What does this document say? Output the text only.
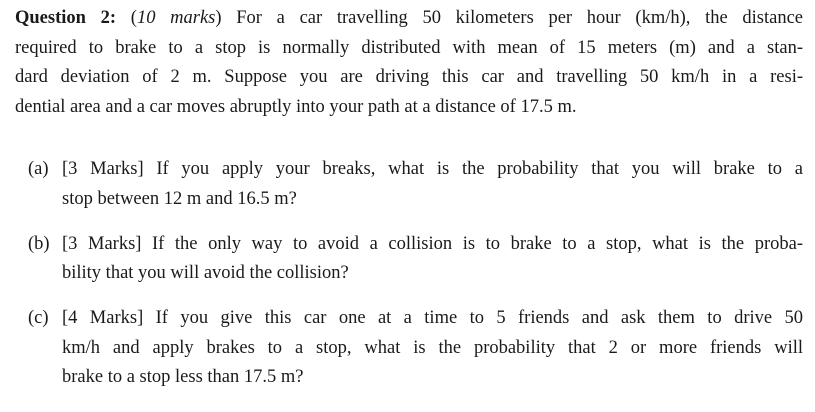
Question 2: (10 marks) For a car travelling 50 kilometers per hour (km/h), the distance
required to brake to a stop is normally distributed with mean of 15 meters (m) and a stan-
dard deviation of 2 m. Suppose you are driving this car and travelling 50 km/h in a resi-
dential area and a car moves abruptly into your path at a distance of 17.5 m.
(a) [3 Marks] If you apply your breaks, what is the probability that you will brake to a
stop between 12 m and 16.5 m?
(b) [3 Marks] If the only way to avoid a collision is to brake to a stop, what is the proba-
bility that you will avoid the collision?
(c) [4 Marks] If you give this car one at a time to 5 friends and ask them to drive 50
km/h and apply brakes to a stop, what is the probability that 2 or more friends will
brake to a stop less than 17.5 m?
